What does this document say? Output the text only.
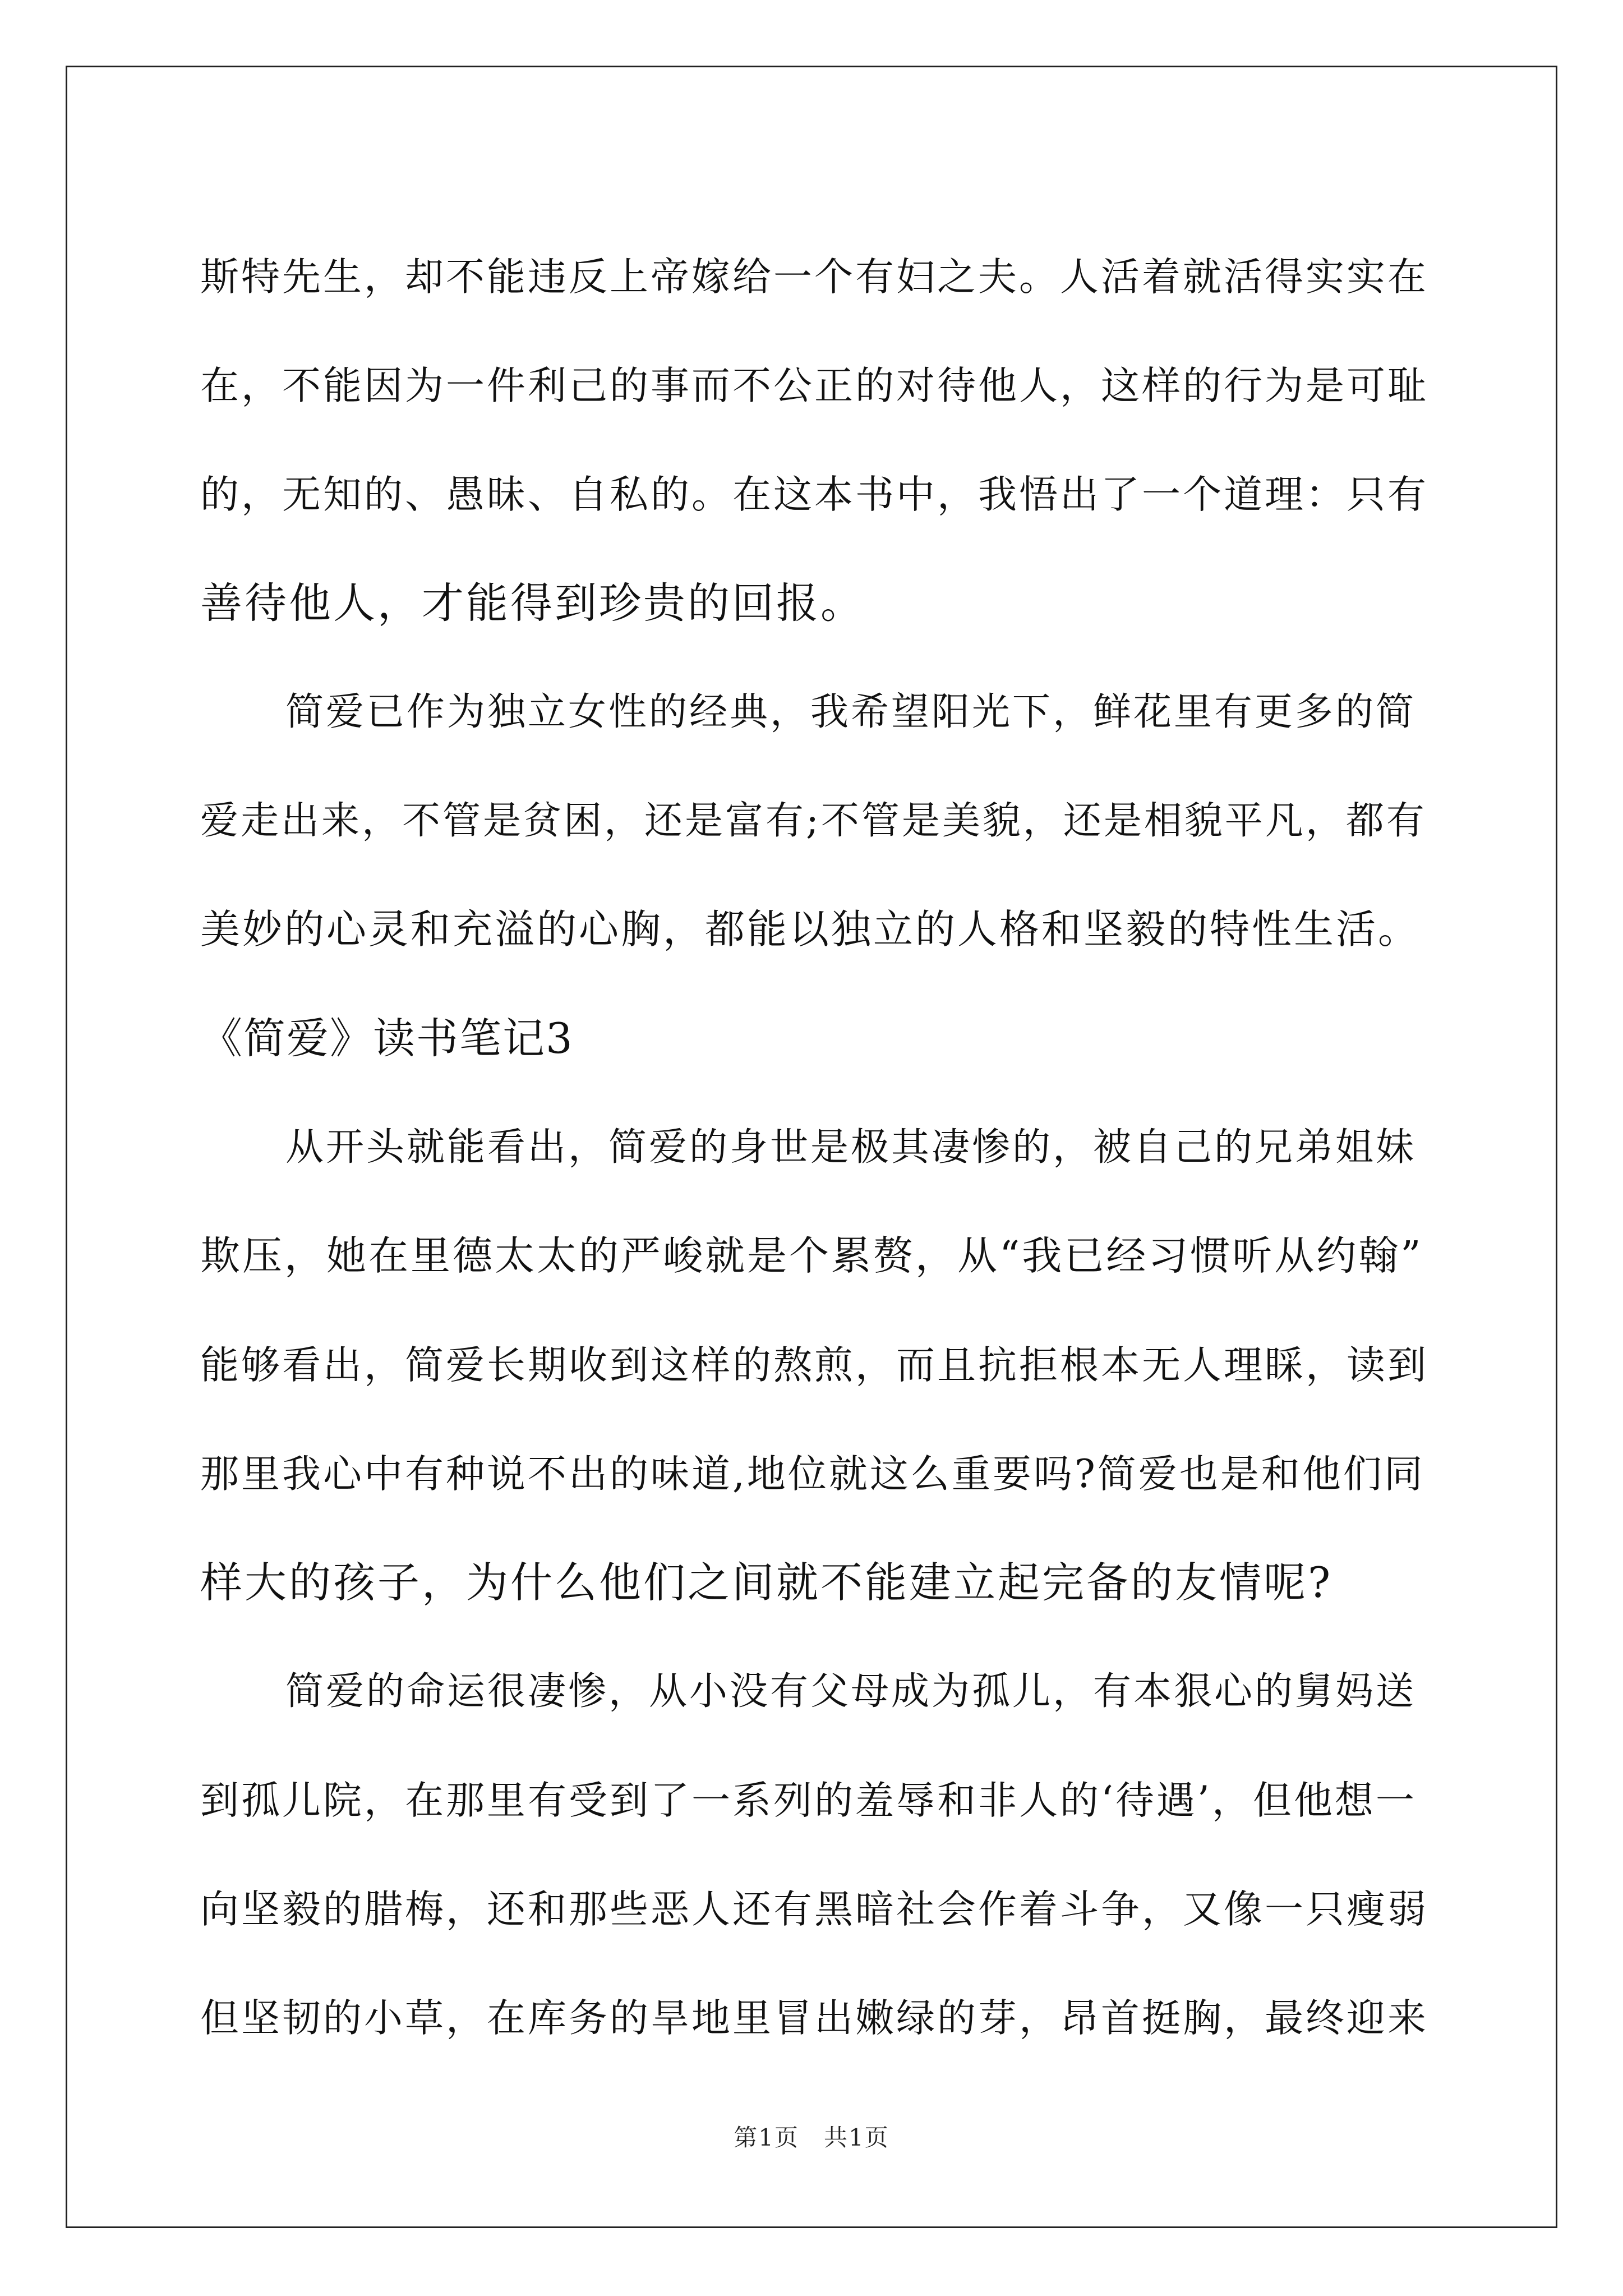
斯特先生，却不能违反上帝嫁给一个有妇之夫。人活着就活得实实在
在，不能因为一件利己的事而不公正的对待他人，这样的行为是可耻
的，无知的、愚昧、自私的。在这本书中，我悟出了一个道理：只有
善待他人，才能得到珍贵的回报。
简爱已作为独立女性的经典，我希望阳光下，鲜花里有更多的简
爱走出来，不管是贫困，还是富有;不管是美貌，还是相貌平凡，都有
美妙的心灵和充溢的心胸，都能以独立的人格和坚毅的特性生活。
《简爱》读书笔记3
从开头就能看出，简爱的身世是极其凄惨的，被自己的兄弟姐妹
欺压，她在里德太太的严峻就是个累赘，从“我已经习惯听从约翰”
能够看出，简爱长期收到这样的熬煎，而且抗拒根本无人理睬，读到
那里我心中有种说不出的味道,地位就这么重要吗?简爱也是和他们同
样大的孩子，为什么他们之间就不能建立起完备的友情呢?
简爱的命运很凄惨，从小没有父母成为孤儿，有本狠心的舅妈送
到孤儿院，在那里有受到了一系列的羞辱和非人的‘待遇’，但他想一
向坚毅的腊梅，还和那些恶人还有黑暗社会作着斗争，又像一只瘦弱
但坚韧的小草，在库务的旱地里冒出嫩绿的芽，昂首挺胸，最终迎来
第1页　共1页
